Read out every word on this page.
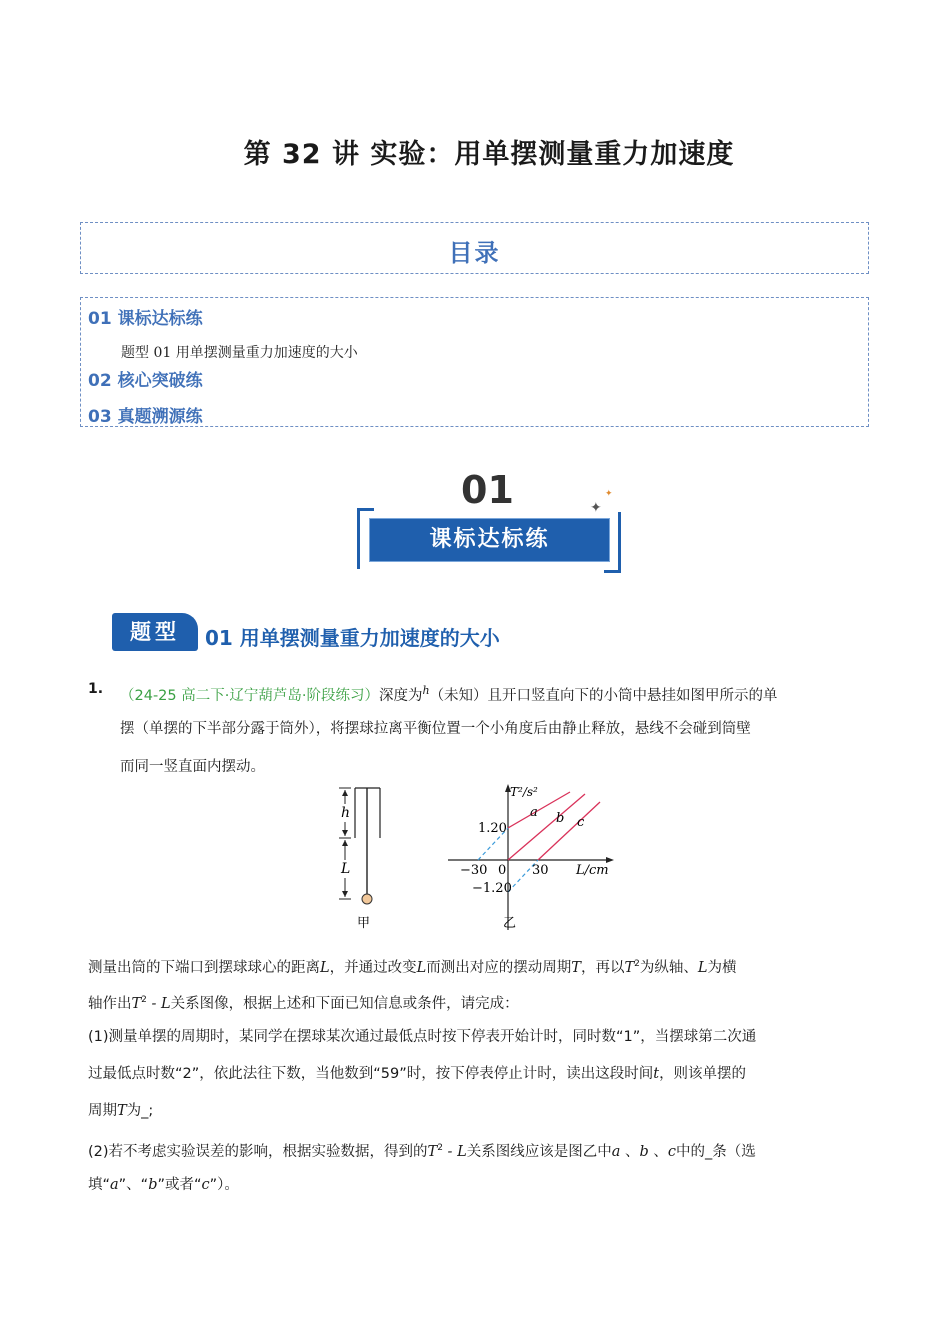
第 32 讲 实验：用单摆测量重力加速度
目录
01 课标达标练
题型 01 用单摆测量重力加速度的大小
02 核心突破练
03 真题溯源练
01
课标达标练
✦
✦
题型	01 用单摆测量重力加速度的大小
1. （24-25 高二下·辽宁葫芦岛·阶段练习）深度为$^h$（未知）且开口竖直向下的小筒中悬挂如图甲所示的单
摆（单摆的下半部分露于筒外），将摆球拉离平衡位置一个小角度后由静止释放，悬线不会碰到筒壁
而同一竖直面内摆动。
h
L
甲
T²/s²
L/cm
1.20
−1.20
−30 0 30
a b c
乙
测量出筒的下端口到摆球球心的距离L，并通过改变L而测出对应的摆动周期T，再以$T^2$为纵轴、L为横
轴作出$T^2$ - L关系图像，根据上述和下面已知信息或条件，请完成：
(1)测量单摆的周期时，某同学在摆球某次通过最低点时按下停表开始计时，同时数“1”，当摆球第二次通
过最低点时数“2”，依此法往下数，当他数到“59”时，按下停表停止计时，读出这段时间t，则该单摆的
周期T为_;
(2)若不考虑实验误差的影响，根据实验数据，得到的$T^2$ - L关系图线应该是图乙中a 、b 、c中的_条（选
填“a”、“b”或者“c”）。
